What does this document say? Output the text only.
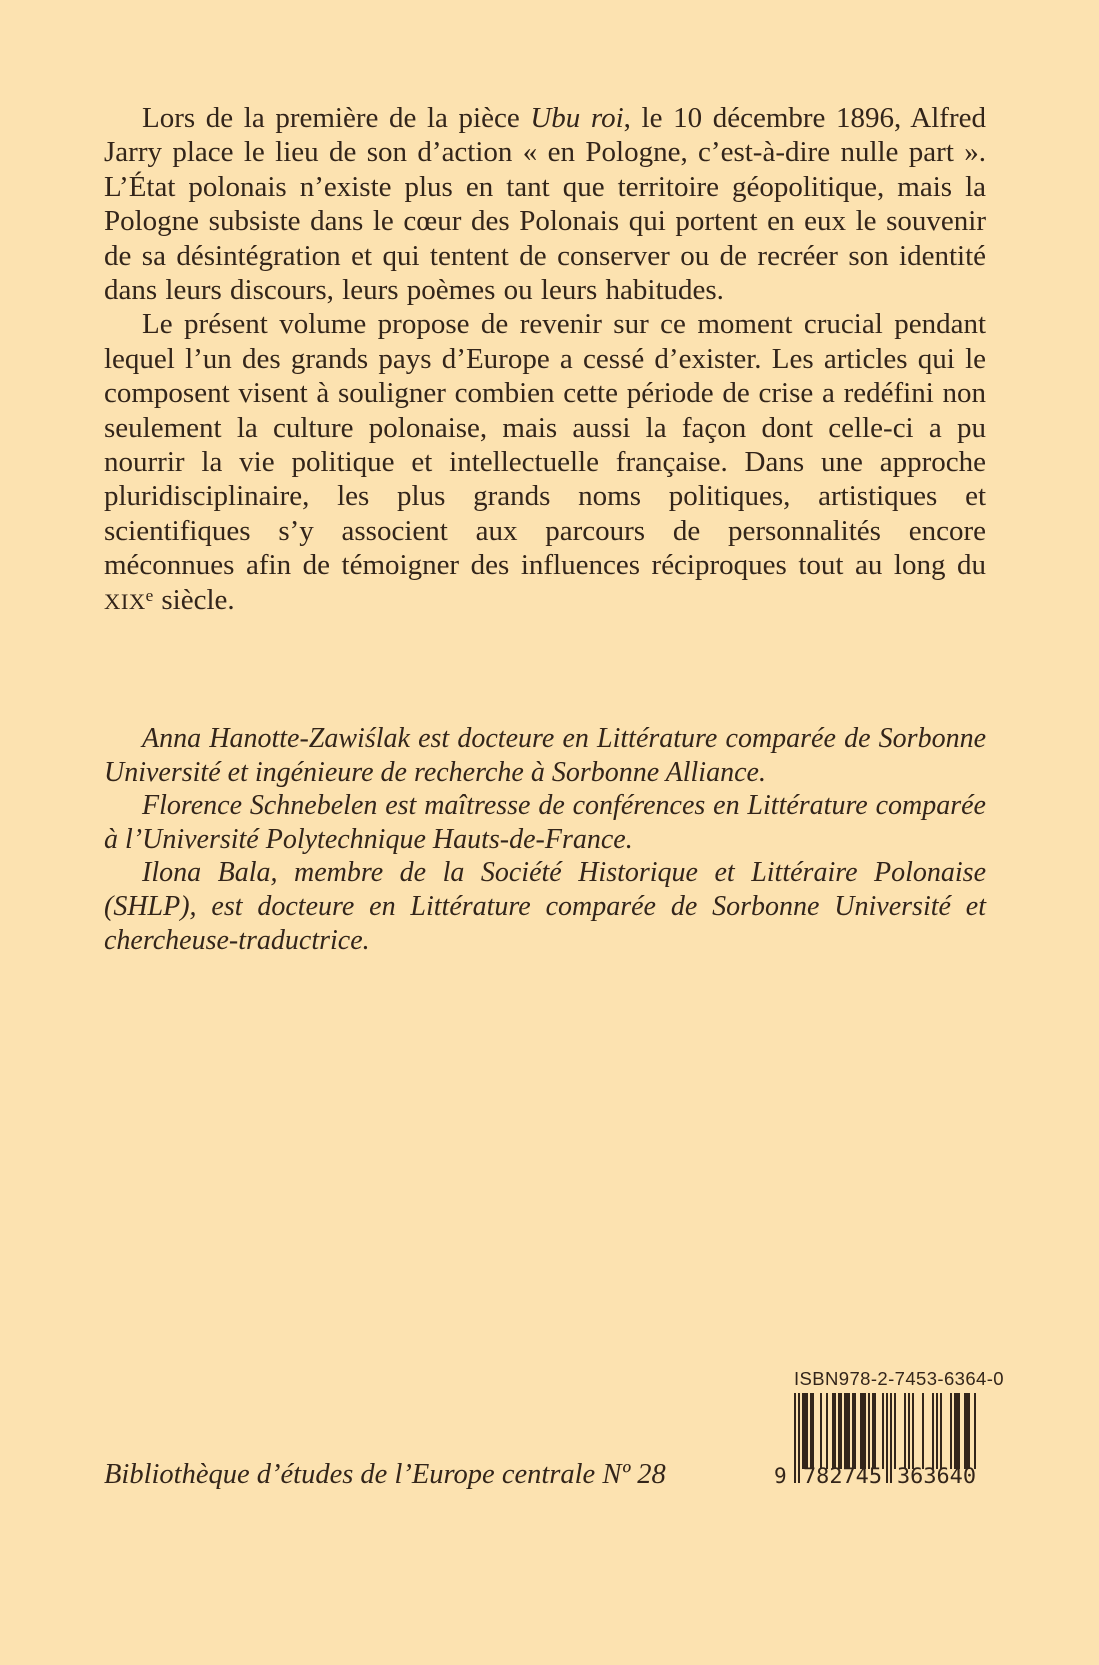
Lors de la première de la pièce Ubu roi, le 10 décembre 1896, Alfred Jarry place le lieu de son d’action « en Pologne, c’est-à-dire nulle part ». L’État polonais n’existe plus en tant que territoire géopolitique, mais la Pologne subsiste dans le cœur des Polonais qui portent en eux le souvenir de sa désintégration et qui tentent de conserver ou de recréer son identité dans leurs discours, leurs poèmes ou leurs habitudes.

Le présent volume propose de revenir sur ce moment crucial pendant lequel l’un des grands pays d’Europe a cessé d’exister. Les articles qui le composent visent à souligner combien cette période de crise a redéfini non seulement la culture polonaise, mais aussi la façon dont celle-ci a pu nourrir la vie politique et intellectuelle française. Dans une approche pluridisciplinaire, les plus grands noms politiques, artistiques et scientifiques s’y associent aux parcours de personnalités encore méconnues afin de témoigner des influences réciproques tout au long du XIXᵉ siècle.

Anna Hanotte-Zawiślak est docteure en Littérature comparée de Sorbonne Université et ingénieure de recherche à Sorbonne Alliance.

Florence Schnebelen est maîtresse de conférences en Littérature comparée à l’Université Polytechnique Hauts-de-France.

Ilona Bala, membre de la Société Historique et Littéraire Polonaise (SHLP), est docteure en Littérature comparée de Sorbonne Université et chercheuse-traductrice.

Bibliothèque d’études de l’Europe centrale Nº 28
ISBN 978-2-7453-6364-0
9 782745 363640
